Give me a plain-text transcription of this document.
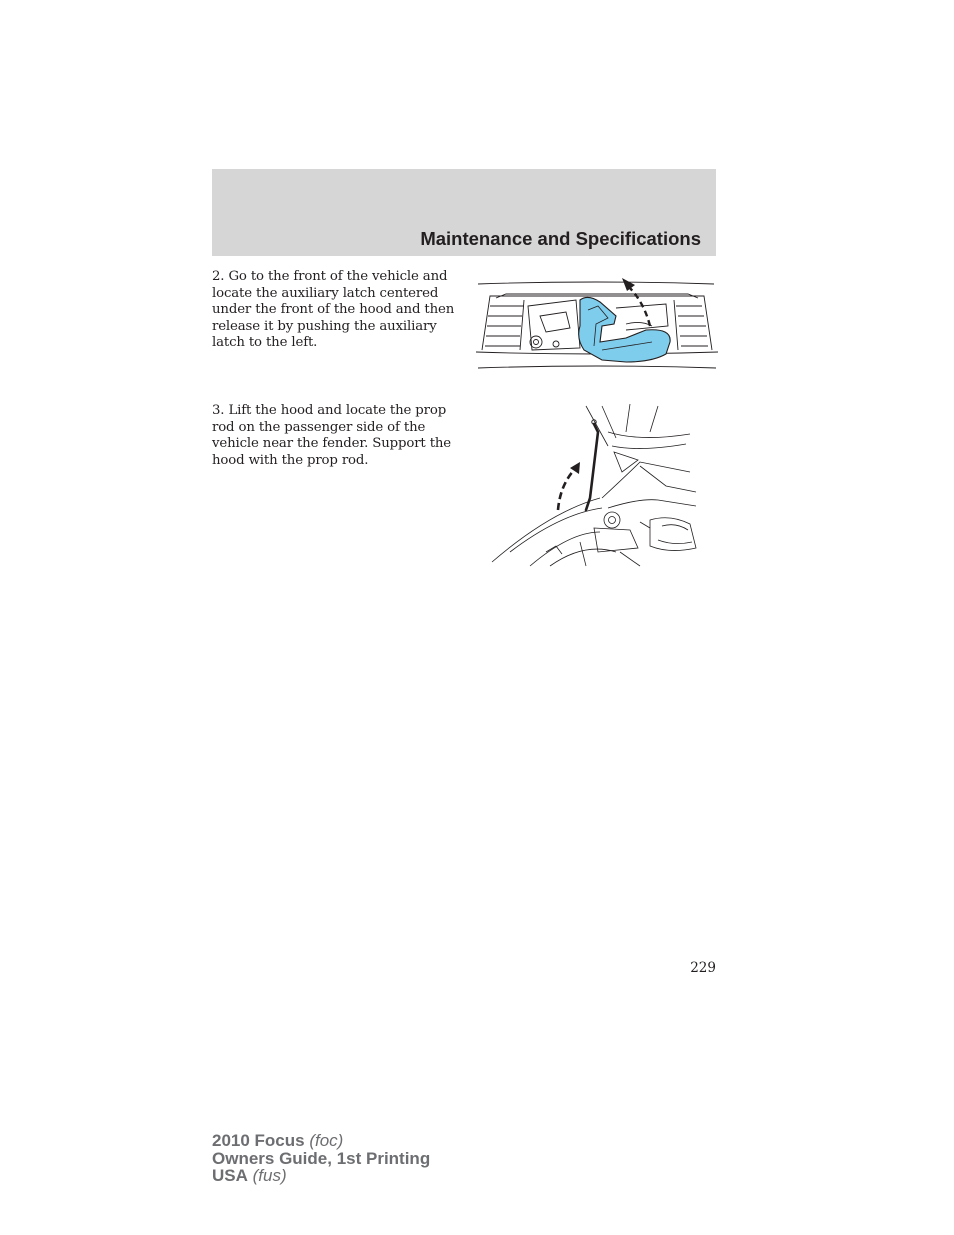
Maintenance and Specifications

2. Go to the front of the vehicle and locate the auxiliary latch centered under the front of the hood and then release it by pushing the auxiliary latch to the left.

3. Lift the hood and locate the prop rod on the passenger side of the vehicle near the fender. Support the hood with the prop rod.

229
2010 Focus (foc)
Owners Guide, 1st Printing
USA (fus)
